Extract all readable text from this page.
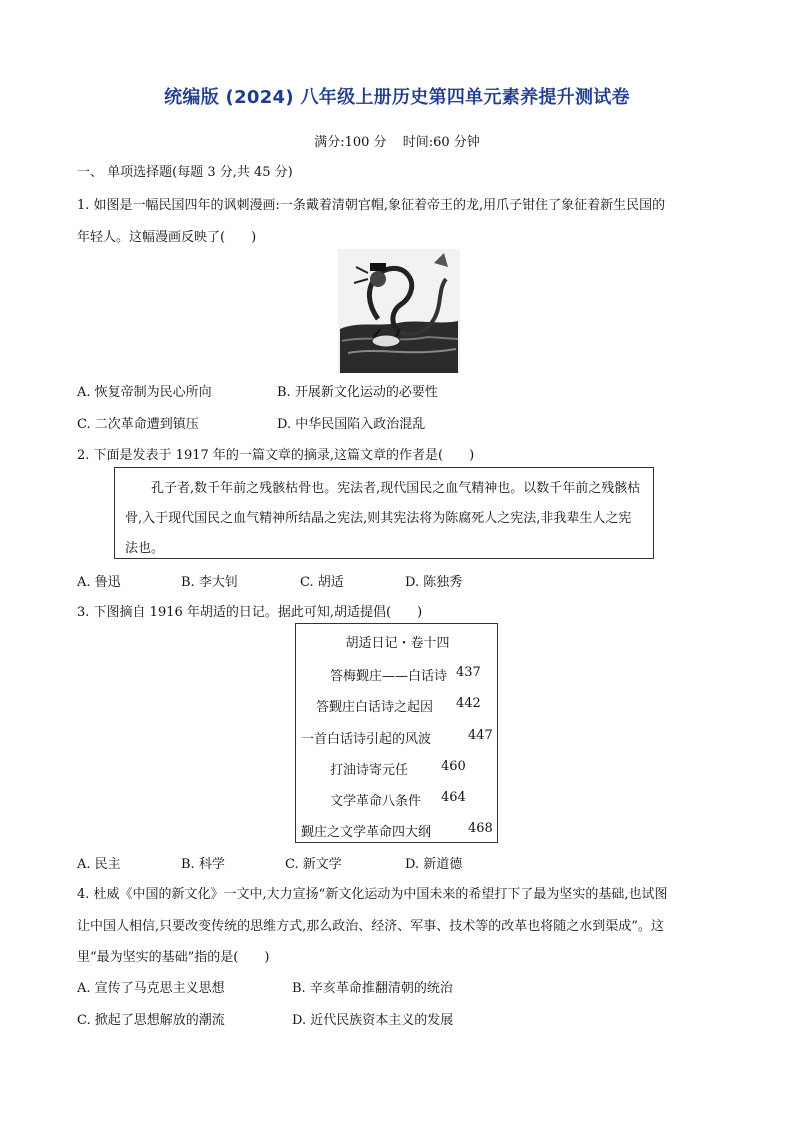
统编版 (2024) 八年级上册历史第四单元素养提升测试卷
满分:100 分 时间:60 分钟
一、 单项选择题(每题 3 分,共 45 分)
1. 如图是一幅民国四年的讽刺漫画:一条戴着清朝官帽,象征着帝王的龙,用爪子钳住了象征着新生民国的
年轻人。这幅漫画反映了(　　)
A. 恢复帝制为民心所向	B. 开展新文化运动的必要性
C. 二次革命遭到镇压	D. 中华民国陷入政治混乱
2. 下面是发表于 1917 年的一篇文章的摘录,这篇文章的作者是(　　)

孔子者,数千年前之残骸枯骨也。宪法者,现代国民之血气精神也。以数千年前之残骸枯骨,入于现代国民之血气精神所结晶之宪法,则其宪法将为陈腐死人之宪法,非我辈生人之宪法也。

A. 鲁迅	B. 李大钊	C. 胡适	D. 陈独秀
3. 下图摘自 1916 年胡适的日记。据此可知,胡适提倡(　　)
胡适日记・卷十四
答梅觐庄——白话诗 437
答觐庄白话诗之起因 442
一首白话诗引起的风波	447
打油诗寄元任	460
文学革命八条件 464
觐庄之文学革命四大纲	468
A. 民主	B. 科学	C. 新文学	D. 新道德
4. 杜威《中国的新文化》一文中,大力宣扬“新文化运动为中国未来的希望打下了最为坚实的基础,也试图
让中国人相信,只要改变传统的思维方式,那么政治、经济、军事、技术等的改革也将随之水到渠成”。这
里“最为坚实的基础”指的是(　　)
A. 宣传了马克思主义思想	B. 辛亥革命推翻清朝的统治
C. 掀起了思想解放的潮流	D. 近代民族资本主义的发展
